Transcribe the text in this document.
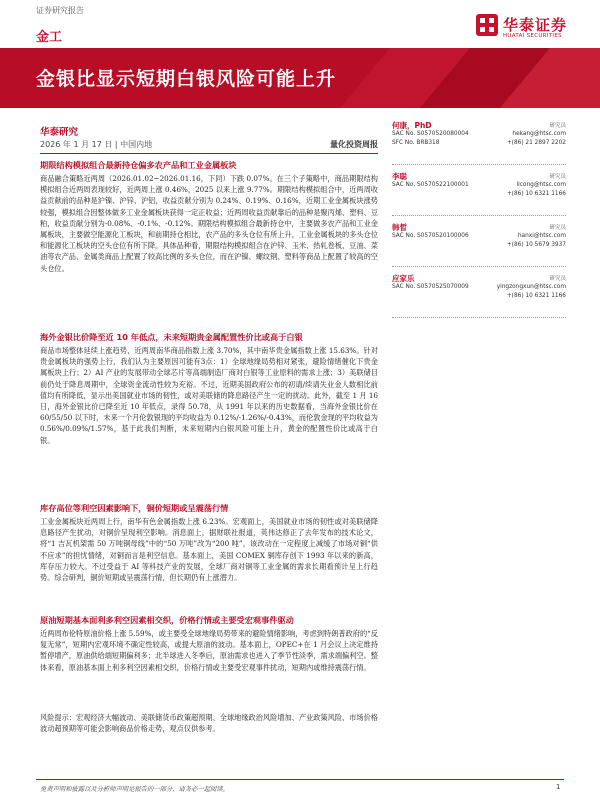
证券研究报告
金工
华泰证券
HUATAI SECURITIES
金银比显示短期白银风险可能上升
华泰研究
2026 年 1 月 17 日 | 中国内地	量化投资周报
期限结构模拟组合最新持仓偏多农产品和工业金属板块

商品融合策略近两周（2026.01.02~2026.01.16，下同）下跌 0.07%。在三个子策略中，商品期限结构模拟组合近两周表现较好，近两周上涨 0.46%，2025 以来上涨 9.77%。期限结构模拟组合中，近两周收益贡献前的品种是沪镍、沪锌、沪铝，收益贡献分别为 0.24%、0.19%、0.16%，近期工业金属板块涨势较强，模拟组合因整体做多工业金属板块获得一定正收益；近两周收益贡献靠后的品种是聚丙烯、塑料、豆粕，收益贡献分别为-0.08%、-0.1%、-0.12%。期限结构模拟组合最新持仓中，主要做多农产品和工业金属板块，主要做空能源化工板块，和前期持仓相比，农产品的多头仓位有所上升，工业金属板块的多头仓位和能源化工板块的空头仓位有所下降。具体品种看，期限结构模拟组合在沪锌、玉米、热轧卷板、豆油、菜油等农产品、金属类商品上配置了较高比例的多头仓位，而在沪镍、螺纹钢、塑料等商品上配置了较高的空头仓位。

海外金银比价降至近 10 年低点，未来短期贵金属配置性价比或高于白银

商品市场整体延续上涨趋势，近两周南华商品指数上涨 3.70%，其中南华贵金属指数上涨 15.63%。针对贵金属板块的强势上行，我们认为主要原因可能有3点：1）全球地缘局势相对紧张，避险情绪催化下贵金属板块上行；2）AI 产业的发展带动全球芯片等高端制造厂商对白银等工业原料的需求上涨；3）美联储目前仍处于降息周期中，全球资金流动性较为充裕。不过，近期美国政府公布的初请/续请失业金人数相比前值均有所降低，显示出美国就业市场的韧性，或对美联储的降息路径产生一定的扰动。此外，截至 1 月 16 日，海外金银比价已降至近 10 年低点，录得 50.78，从 1991 年以来的历史数据看，当海外金银比价在 60/55/50 以下时，未来一个月伦敦银现的平均收益为 0.12%/-1.26%/-0.43%，而伦敦金现的平均收益为0.56%/0.09%/1.57%，基于此我们判断，未来短期内白银风险可能上升，黄金的配置性价比或高于白银。

库存高位等利空因素影响下，铜价短期或呈震荡行情

工业金属板块近两周上行，南华有色金属指数上涨 6.23%。宏观面上，美国就业市场的韧性或对美联储降息路径产生扰动，对铜价呈现利空影响。消息面上，据财联社报道，英伟达修正了去年发布的技术论文，将“1 吉瓦机架需 50 万吨铜母线”中的“50 万吨”改为“200 吨”，该改动在一定程度上减缓了市场对铜“供不应求”的担忧情绪，对铜而言是利空信息。基本面上，美国 COMEX 铜库存创下 1993 年以来的新高，库存压力较大。不过受益于 AI 等科技产业的发展，全球厂商对铜等工业金属的需求长期看预计呈上行趋势。综合研判，铜价短期或呈震荡行情，但长期仍有上涨潜力。

原油短期基本面利多利空因素相交织，价格行情或主要受宏观事件驱动

近两周布伦特原油价格上涨 5.59%，或主要受全球地缘局势带来的避险情绪影响，考虑到特朗普政府的“反复无常”，短期内宏观环境不确定性较高，或提大原油的波动。基本面上，OPEC+在 1 月会议上决定维持暂停增产，原油供给端短期偏利多；北半球进入冬季后，原油需求也进入了季节性淡季，需求端偏利空。整体来看，原油基本面上利多利空因素相交织，价格行情或主要受宏观事件扰动，短期内或维持震荡行情。

风险提示：宏观经济大幅波动、美联储货币政策超预期、全球地缘政治风险增加、产业政策风险、市场价格波动超预期等可能会影响商品价格走势，观点仅供参考。
何康，PhD	研究员
SAC No. S0570520080004
SFC No. BRB318
hekang@htsc.com
+(86) 21 2897 2202
李聪	研究员
SAC No. S0570522100001	licong@htsc.com
+(86) 10 6321 1166
韩晳	研究员
SAC No. S0570520100006	hanxi@htsc.com
+(86) 10 5679 3937
应家乐	研究员
SAC No. S0570525070009	yingzongxun@htsc.com
+(86) 10 6321 1166
免责声明和披露以及分析师声明是报告的一部分，请务必一起阅读。	1
